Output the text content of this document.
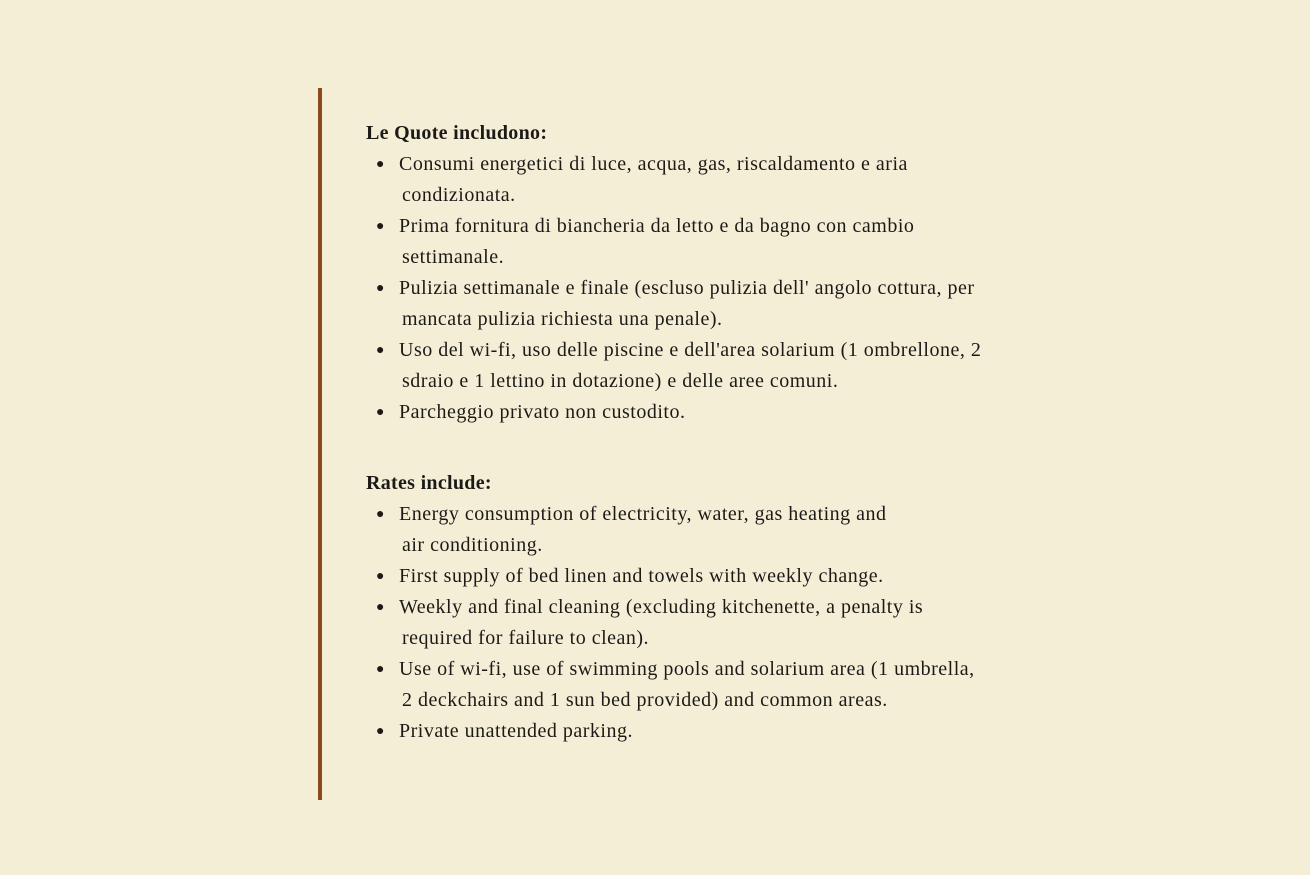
Le Quote includono:

● Consumi energetici di luce, acqua, gas, riscaldamento e aria
condizionata.
● Prima fornitura di biancheria da letto e da bagno con cambio
settimanale.
● Pulizia settimanale e finale (escluso pulizia dell' angolo cottura, per
mancata pulizia richiesta una penale).
● Uso del wi-fi, uso delle piscine e dell'area solarium (1 ombrellone, 2
sdraio e 1 lettino in dotazione) e delle aree comuni.
● Parcheggio privato non custodito.

Rates include:

● Energy consumption of electricity, water, gas heating and
air conditioning.
● First supply of bed linen and towels with weekly change.
● Weekly and final cleaning (excluding kitchenette, a penalty is
required for failure to clean).
● Use of wi-fi, use of swimming pools and solarium area (1 umbrella,
2 deckchairs and 1 sun bed provided) and common areas.
● Private unattended parking.
